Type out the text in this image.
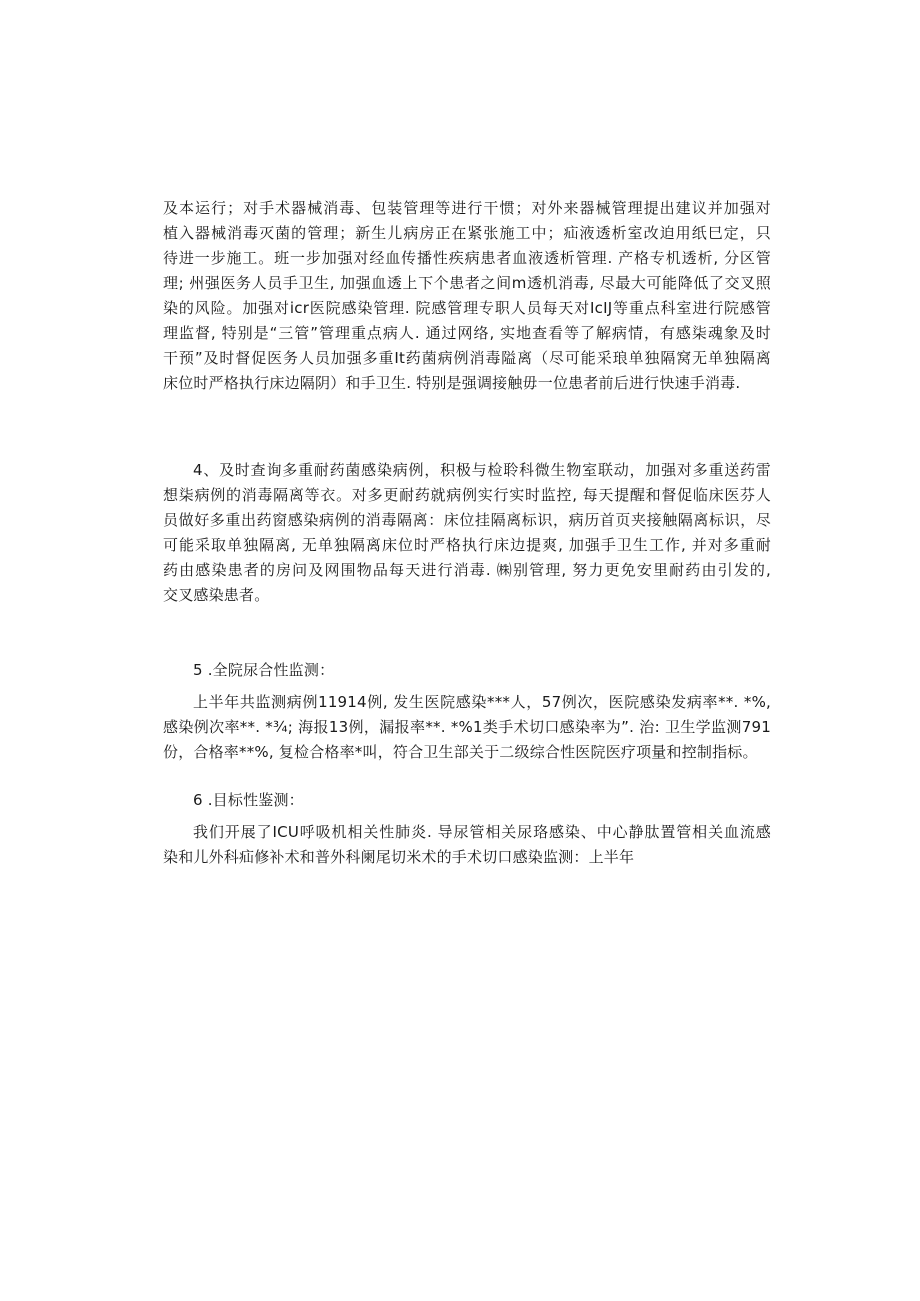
及本运行；对手术器械消毒、包装管理等进行干惯；对外来器械管理提出建议并加强对
植入器械消毒灭菌的管理；新生儿病房正在紧张施工中；疝液透析室改迫用纸巳定，只
待进一步施工。班一步加强对经血传播性疾病患者血液透析管理. 产格专机透析, 分区管
理; 州强医务人员手卫生, 加强血透上下个患者之间m透机消毒, 尽最大可能降低了交叉照
染的风险。加强对icr医院感染管理. 院感管理专职人员每天对IcIJ等重点科室进行院感管
理监督, 特别是“三管”管理重点病人. 通过网络, 实地查看等了解病情，有感柒魂象及时
干预”及时督促医务人员加强多重It药菌病例消毒隘离（尽可能采琅单独隔窝无单独隔离
床位时严格执行床边隔阴）和手卫生. 特别是强调接触毋一位患者前后进行快速手消毒.
4、及时查询多重耐药菌感染病例，积极与检聆科微生物室联动，加强对多重送药雷
想柒病例的消毒隔离等衣。对多更耐药就病例实行实时监控, 每天提醒和督促临床医芬人
员做好多重出药窗感染病例的消毒隔离：床位挂隔离标识，病历首页夹接触隔离标识，尽
可能采取单独隔离, 无单独隔离床位时严格执行床边提爽, 加强手卫生工作, 并对多重耐
药由感染患者的房问及网围物品每天进行消毒. ㈱别管理, 努力更免安里耐药由引发的,
交叉感染患者。
5 .全院尿合性监测：
上半年共监测病例11914例, 发生医院感染***人，57例次，医院感染发病率**. *%,
感染例次率**. *¾; 海报13例，漏报率**. *%1类手术切口感染率为”. 治: 卫生学监测791
份，合格率**%, 复检合格率*叫，符合卫生部关于二级综合性医院医疗项量和控制指标。
6 .目标性鉴测：
我们开展了ICU呼吸机相关性肺炎. 导尿管相关尿珞感染、中心静肽置管相关血流感
染和儿外科疝修补术和普外科阑尾切米术的手术切口感染监测：上半年
